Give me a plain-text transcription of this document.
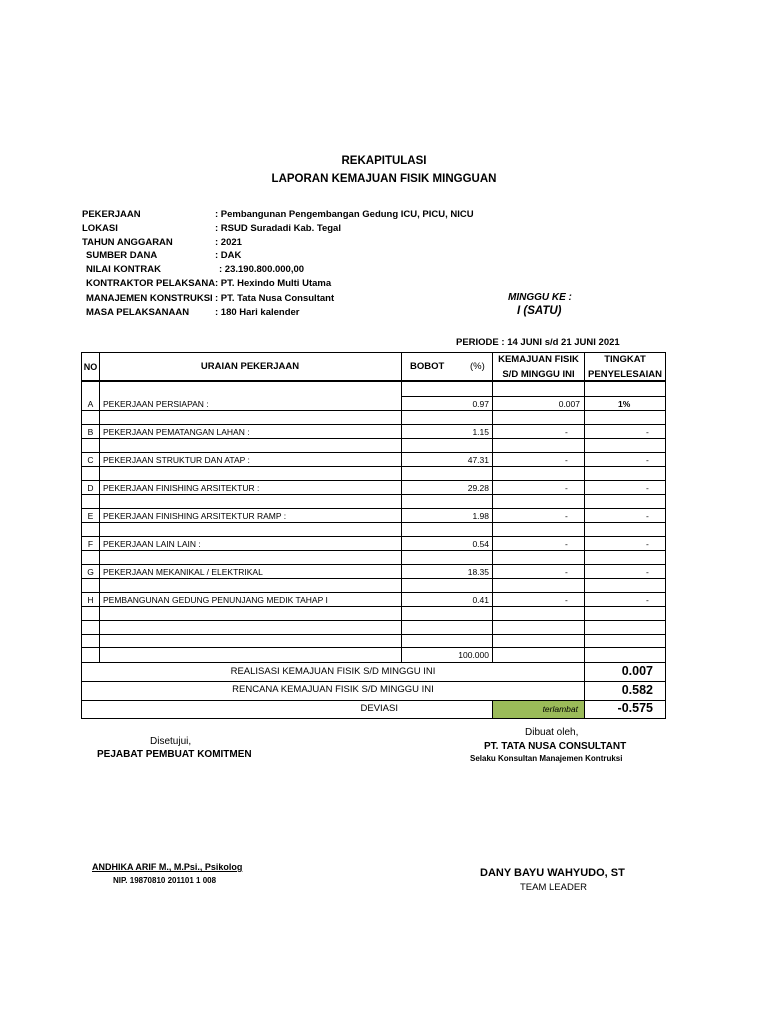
REKAPITULASI
LAPORAN KEMAJUAN FISIK MINGGUAN
PEKERJAAN	: Pembangunan Pengembangan Gedung ICU, PICU, NICU
LOKASI	: RSUD Suradadi Kab. Tegal
TAHUN ANGGARAN	: 2021
SUMBER DANA	: DAK
NILAI KONTRAK	: 23.190.800.000,00
KONTRAKTOR PELAKSANA : PT. Hexindo Multi Utama
MANAJEMEN KONSTRUKSI : PT. Tata Nusa Consultant
MASA PELAKSANAAN	: 180 Hari kalender
MINGGU KE :
I (SATU)
PERIODE : 14 JUNI s/d 21 JUNI 2021
NO	URAIAN PEKERJAAN	BOBOT	(%)
KEMAJUAN FISIK
S/D MINGGU INI
TINGKAT
PENYELESAIAN
A	PEKERJAAN PERSIAPAN :	0.97	0.007	1%
B	PEKERJAAN PEMATANGAN LAHAN :	1.15	-	-
C	PEKERJAAN STRUKTUR DAN ATAP :	47.31	-	-
D	PEKERJAAN FINISHING ARSITEKTUR :	29.28	-	-
E	PEKERJAAN FINISHING ARSITEKTUR RAMP :	1.98	-	-
F	PEKERJAAN LAIN LAIN :	0.54	-	-
G	PEKERJAAN MEKANIKAL / ELEKTRIKAL	18.35	-	-
H	PEMBANGUNAN GEDUNG PENUNJANG MEDIK TAHAP I	0.41	-	-
100.000
REALISASI KEMAJUAN FISIK S/D MINGGU INI	0.007
RENCANA KEMAJUAN FISIK S/D MINGGU INI	0.582
DEVIASI	terlambat	-0.575
Disetujui,
PEJABAT PEMBUAT KOMITMEN
ANDHIKA ARIF M., M.Psi., Psikolog
NIP. 19870810 201101 1 008
Dibuat oleh,
PT. TATA NUSA CONSULTANT
Selaku Konsultan Manajemen Kontruksi
DANY BAYU WAHYUDO, ST
TEAM LEADER
